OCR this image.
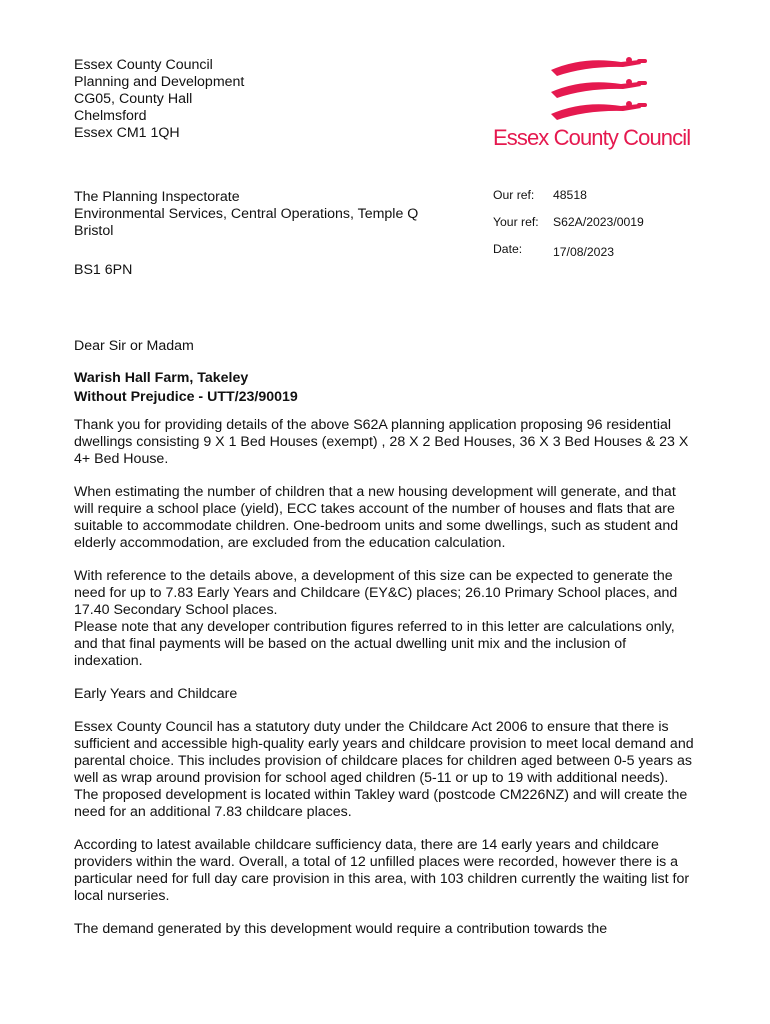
Essex County Council
Planning and Development
CG05, County Hall
Chelmsford
Essex CM1 1QH	Essex County Council
The Planning Inspectorate
Environmental Services, Central Operations, Temple Q
Bristol
BS1 6PN
Our ref: 48518
Your ref: S62A/2023/0019
Date:	17/08/2023

Dear Sir or Madam

Warish Hall Farm, Takeley
Without Prejudice - UTT/23/90019

Thank you for providing details of the above S62A planning application proposing 96 residential dwellings consisting 9 X 1 Bed Houses (exempt) , 28 X 2 Bed Houses, 36 X 3 Bed Houses & 23 X 4+ Bed House.

When estimating the number of children that a new housing development will generate, and that will require a school place (yield), ECC takes account of the number of houses and flats that are suitable to accommodate children. One-bedroom units and some dwellings, such as student and elderly accommodation, are excluded from the education calculation.

With reference to the details above, a development of this size can be expected to generate the need for up to 7.83 Early Years and Childcare (EY&C) places; 26.10 Primary School places, and 17.40 Secondary School places.

Please note that any developer contribution figures referred to in this letter are calculations only, and that final payments will be based on the actual dwelling unit mix and the inclusion of indexation.

Early Years and Childcare

Essex County Council has a statutory duty under the Childcare Act 2006 to ensure that there is sufficient and accessible high-quality early years and childcare provision to meet local demand and parental choice. This includes provision of childcare places for children aged between 0-5 years as well as wrap around provision for school aged children (5-11 or up to 19 with additional needs). The proposed development is located within Takley ward (postcode CM226NZ) and will create the need for an additional 7.83 childcare places.

According to latest available childcare sufficiency data, there are 14 early years and childcare providers within the ward. Overall, a total of 12 unfilled places were recorded, however there is a particular need for full day care provision in this area, with 103 children currently the waiting list for local nurseries.

The demand generated by this development would require a contribution towards the
